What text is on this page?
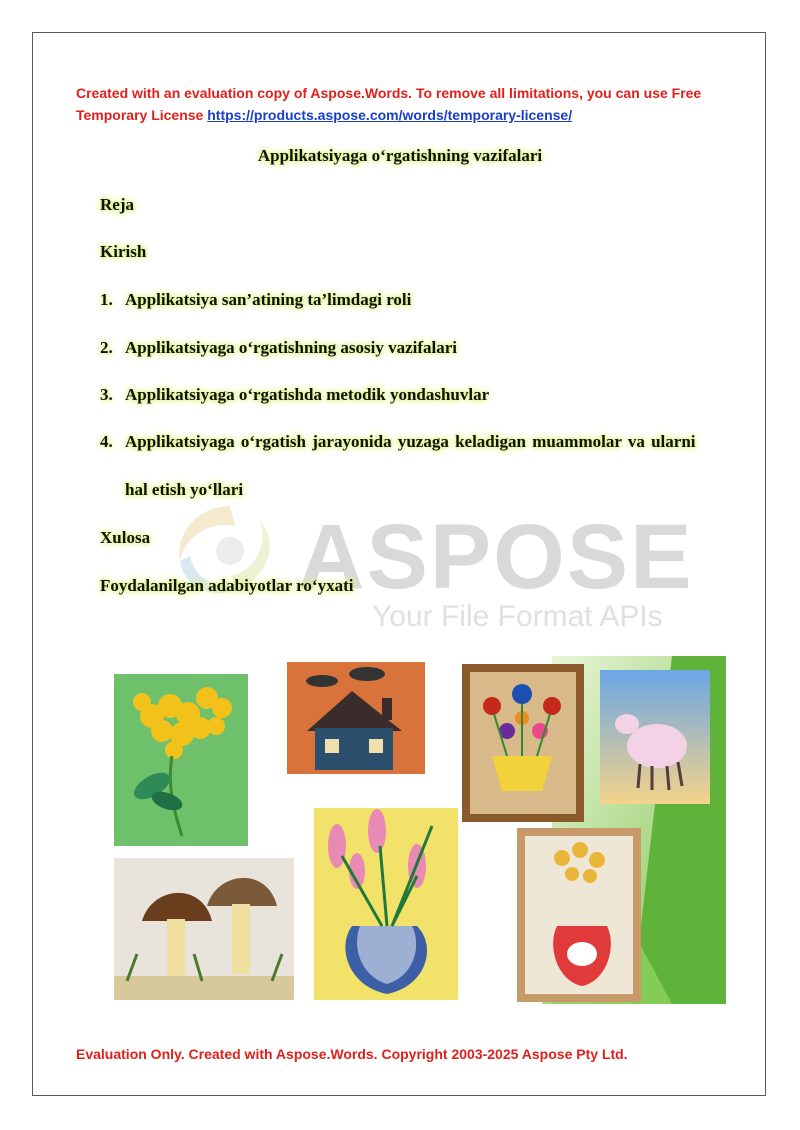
Created with an evaluation copy of Aspose.Words. To remove all limitations, you can use Free Temporary License https://products.aspose.com/words/temporary-license/
ASPOSE
Your File Format APIs
Applikatsiyaga o‘rgatishning vazifalari
Reja
Kirish
1. Applikatsiya san’atining ta’limdagi roli
2. Applikatsiyaga o‘rgatishning asosiy vazifalari
3. Applikatsiyaga o‘rgatishda metodik yondashuvlar
4. Applikatsiyaga o‘rgatish jarayonida yuzaga keladigan muammolar va ularni
hal etish yo‘llari
Xulosa
Foydalanilgan adabiyotlar ro‘yxati
Evaluation Only. Created with Aspose.Words. Copyright 2003-2025 Aspose Pty Ltd.
